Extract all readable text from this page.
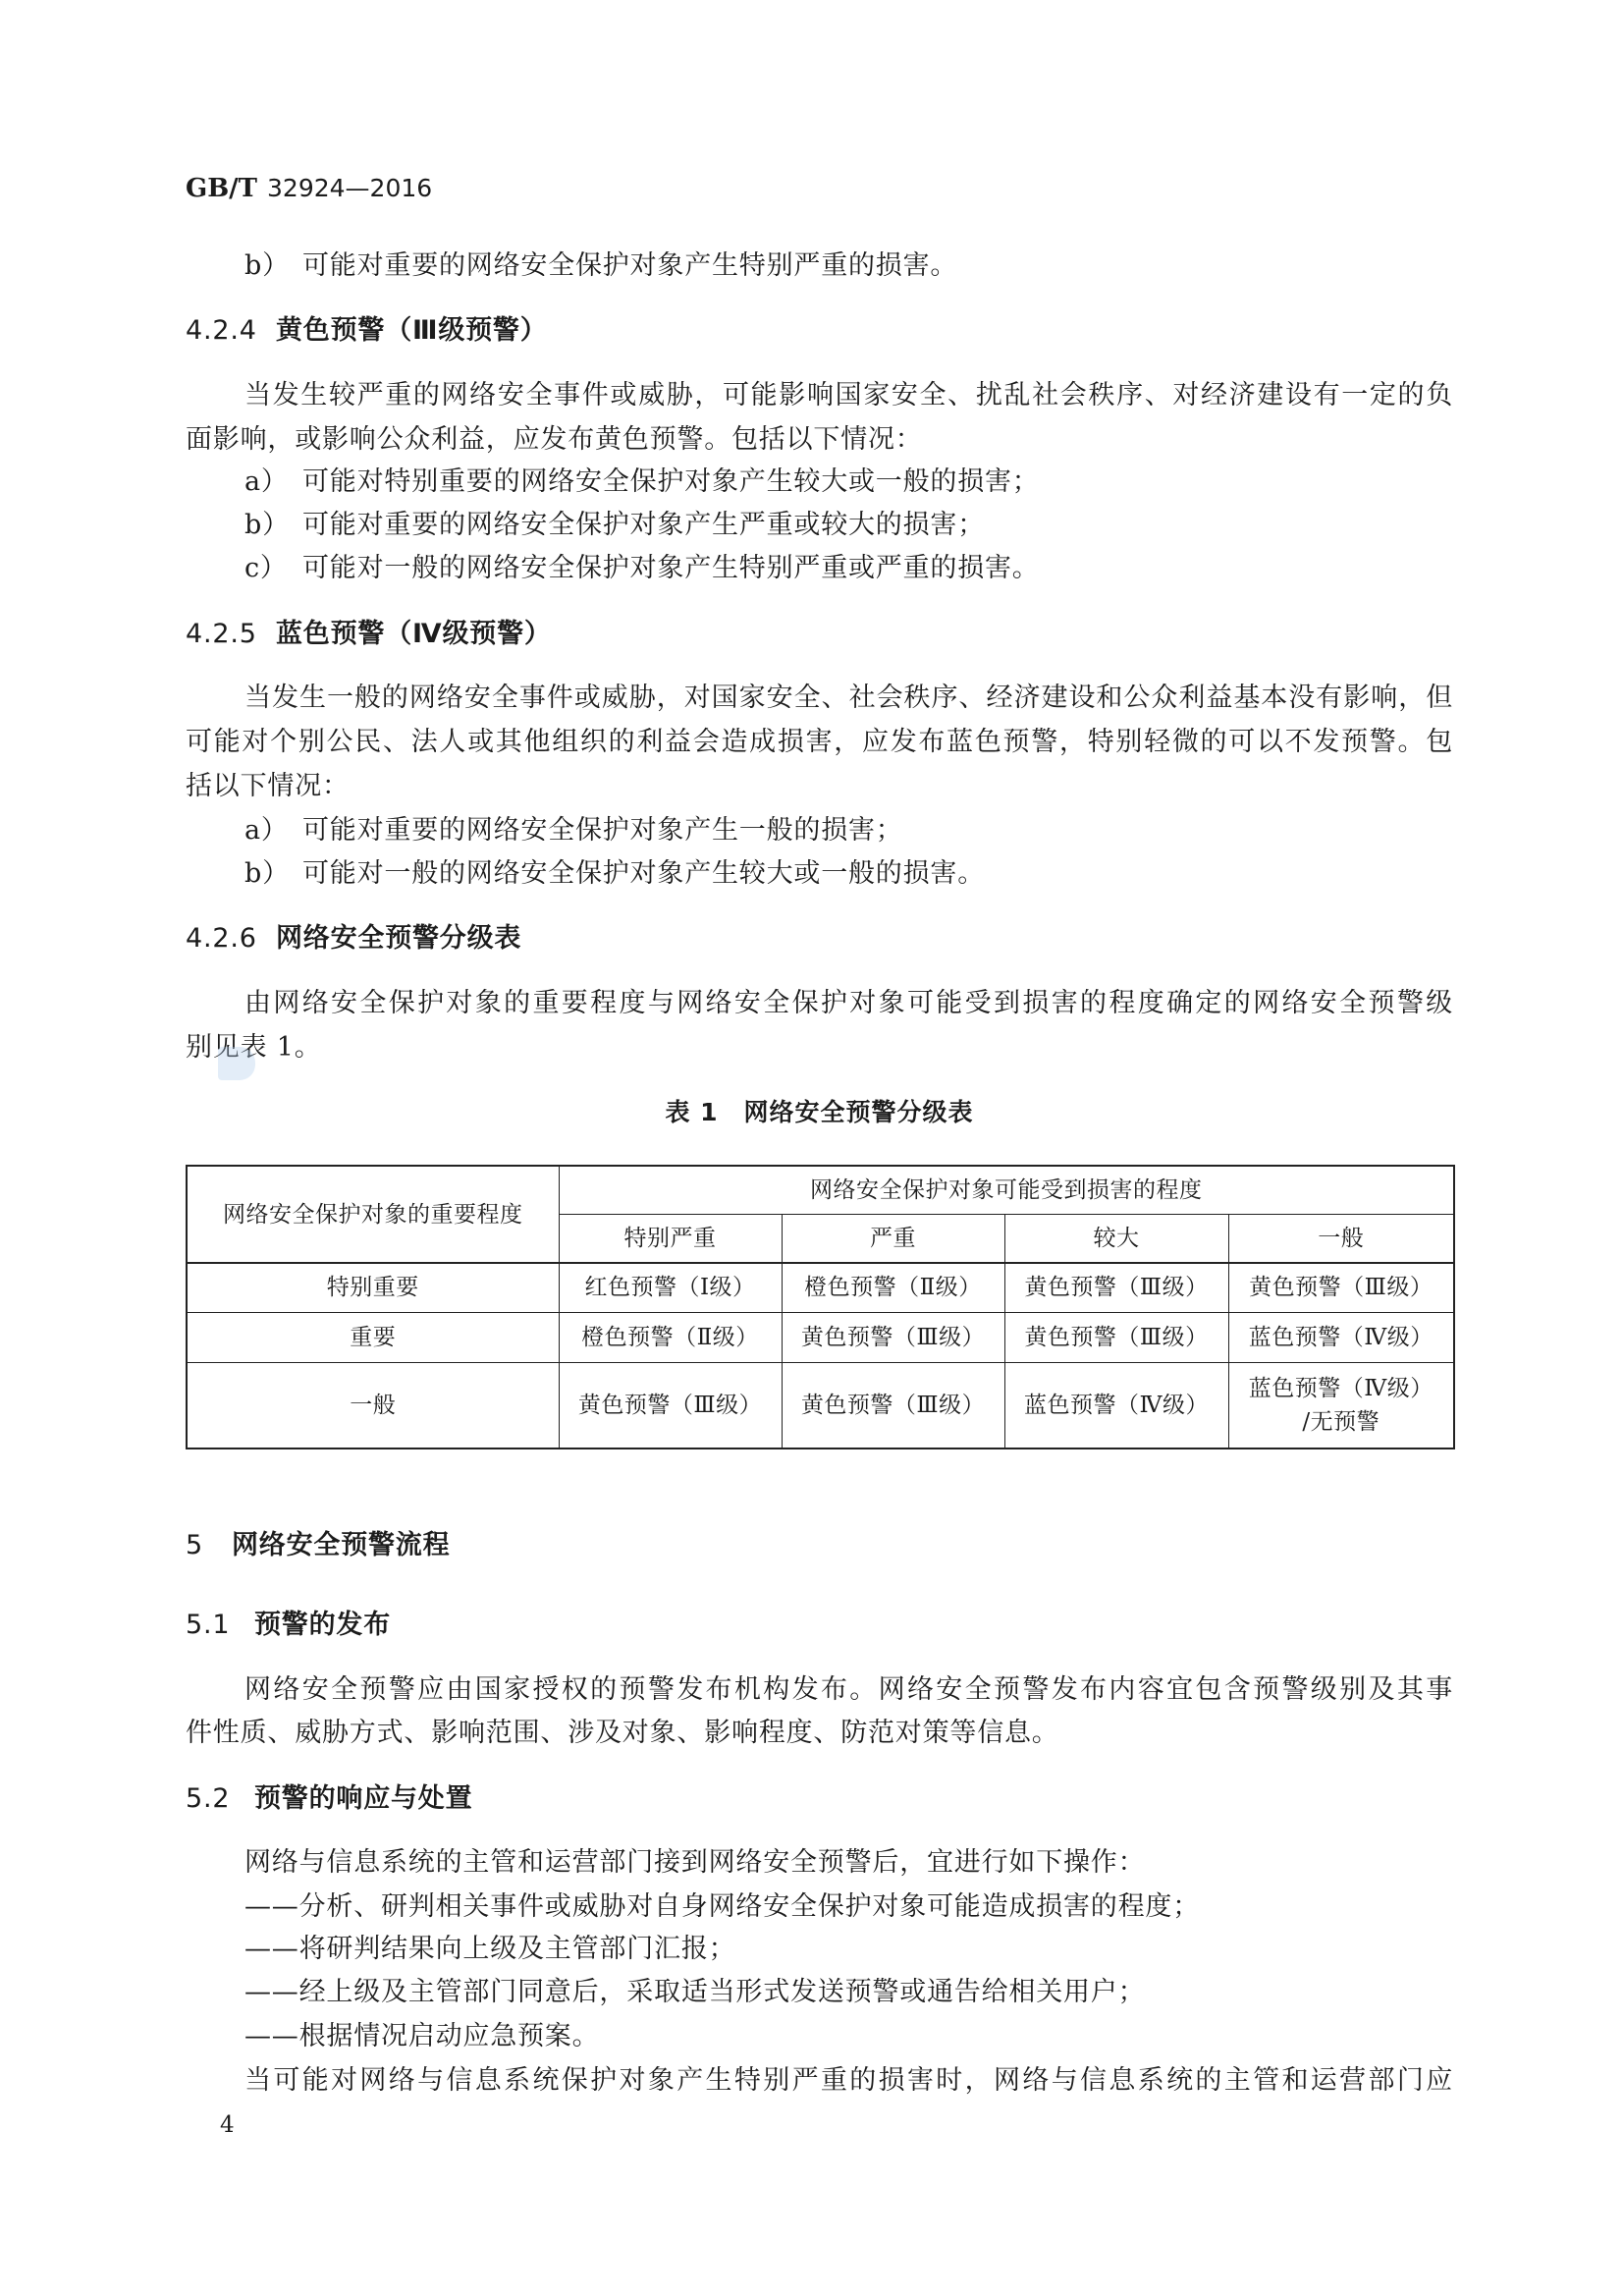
GB/T 32924—2016
b） 可能对重要的网络安全保护对象产生特别严重的损害。
4.2.4 黄色预警（Ⅲ级预警）
当发生较严重的网络安全事件或威胁，可能影响国家安全、扰乱社会秩序、对经济建设有一定的负
面影响，或影响公众利益，应发布黄色预警。包括以下情况：
a） 可能对特别重要的网络安全保护对象产生较大或一般的损害；
b） 可能对重要的网络安全保护对象产生严重或较大的损害；
c） 可能对一般的网络安全保护对象产生特别严重或严重的损害。
4.2.5 蓝色预警（Ⅳ级预警）
当发生一般的网络安全事件或威胁，对国家安全、社会秩序、经济建设和公众利益基本没有影响，但
可能对个别公民、法人或其他组织的利益会造成损害，应发布蓝色预警，特别轻微的可以不发预警。包
括以下情况：
a） 可能对重要的网络安全保护对象产生一般的损害；
b） 可能对一般的网络安全保护对象产生较大或一般的损害。
4.2.6 网络安全预警分级表
由网络安全保护对象的重要程度与网络安全保护对象可能受到损害的程度确定的网络安全预警级
别见表 1。
表 1 网络安全预警分级表
网络安全保护对象的重要程度	网络安全保护对象可能受到损害的程度			
	特别严重	严重	较大	一般
特别重要	红色预警（Ⅰ级）	橙色预警（Ⅱ级）	黄色预警（Ⅲ级）	黄色预警（Ⅲ级）
重要	橙色预警（Ⅱ级）	黄色预警（Ⅲ级）	黄色预警（Ⅲ级）	蓝色预警（Ⅳ级）
一般	黄色预警（Ⅲ级）	黄色预警（Ⅲ级）	蓝色预警（Ⅳ级）	蓝色预警（Ⅳ级）
/无预警
5 网络安全预警流程
5.1 预警的发布
网络安全预警应由国家授权的预警发布机构发布。网络安全预警发布内容宜包含预警级别及其事
件性质、威胁方式、影响范围、涉及对象、影响程度、防范对策等信息。
5.2 预警的响应与处置
网络与信息系统的主管和运营部门接到网络安全预警后，宜进行如下操作：
——分析、研判相关事件或威胁对自身网络安全保护对象可能造成损害的程度；
——将研判结果向上级及主管部门汇报；
——经上级及主管部门同意后，采取适当形式发送预警或通告给相关用户；
——根据情况启动应急预案。
当可能对网络与信息系统保护对象产生特别严重的损害时，网络与信息系统的主管和运营部门应
4
